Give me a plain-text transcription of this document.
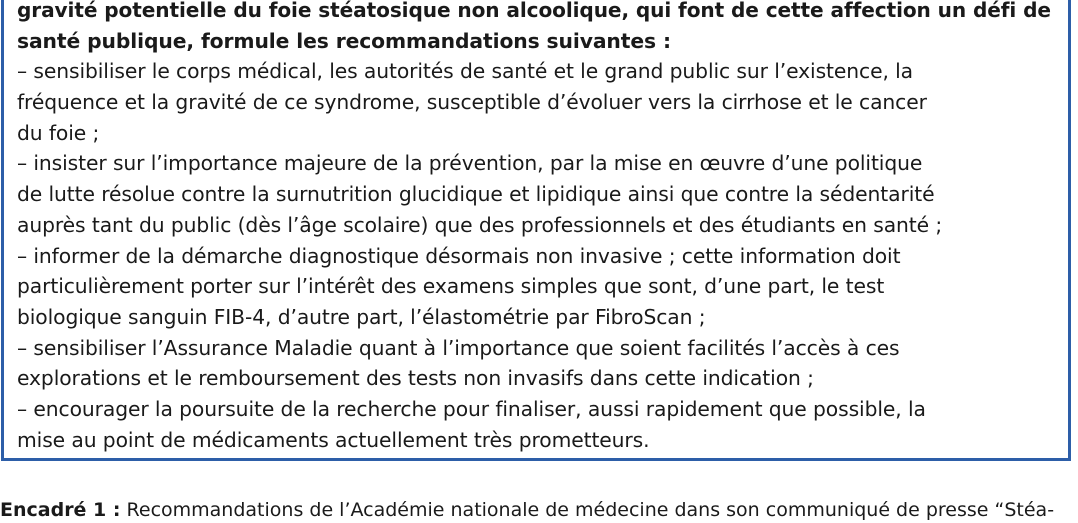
gravité potentielle du foie stéatosique non alcoolique, qui font de cette affection un défi de
santé publique, formule les recommandations suivantes :
– sensibiliser le corps médical, les autorités de santé et le grand public sur l’existence, la
fréquence et la gravité de ce syndrome, susceptible d’évoluer vers la cirrhose et le cancer
du foie ;
– insister sur l’importance majeure de la prévention, par la mise en œuvre d’une politique
de lutte résolue contre la surnutrition glucidique et lipidique ainsi que contre la sédentarité
auprès tant du public (dès l’âge scolaire) que des professionnels et des étudiants en santé ;
– informer de la démarche diagnostique désormais non invasive ; cette information doit
particulièrement porter sur l’intérêt des examens simples que sont, d’une part, le test
biologique sanguin FIB-4, d’autre part, l’élastométrie par FibroScan ;
– sensibiliser l’Assurance Maladie quant à l’importance que soient facilités l’accès à ces
explorations et le remboursement des tests non invasifs dans cette indication ;
– encourager la poursuite de la recherche pour finaliser, aussi rapidement que possible, la
mise au point de médicaments actuellement très prometteurs.
Encadré 1 : Recommandations de l’Académie nationale de médecine dans son communiqué de presse “Stéa-
